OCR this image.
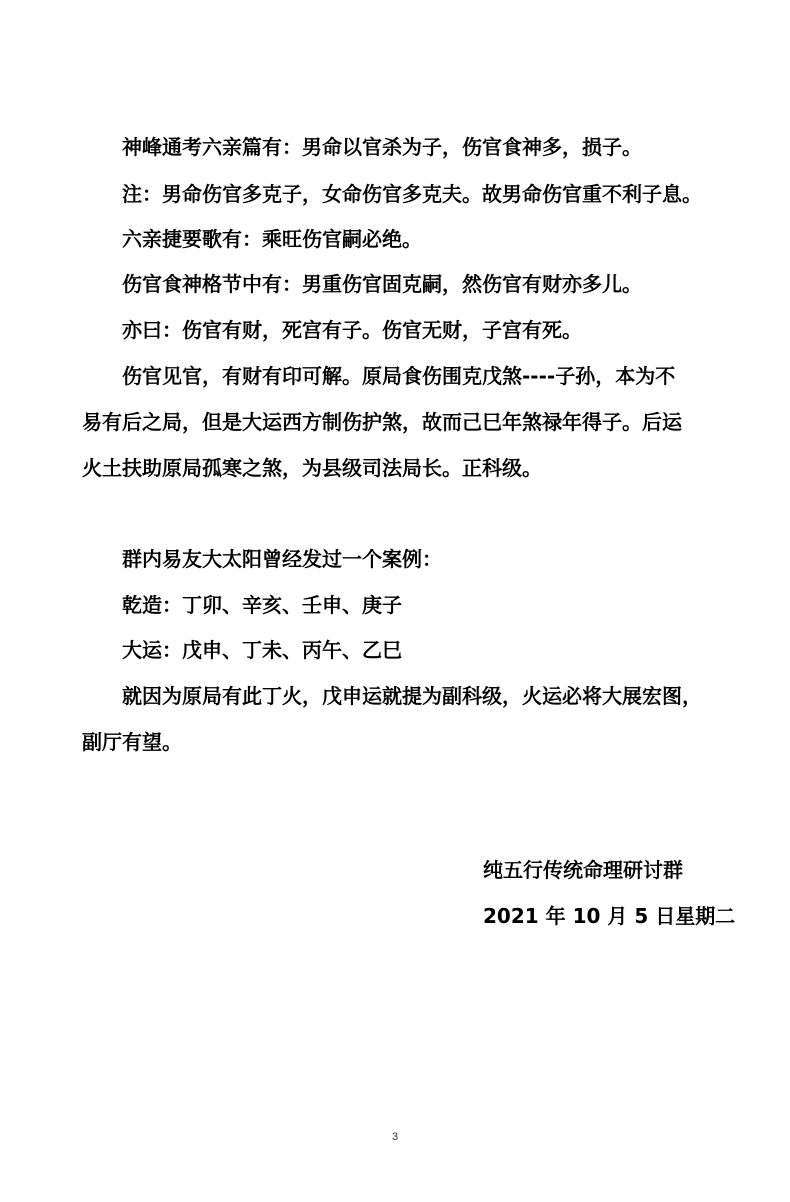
神峰通考六亲篇有：男命以官杀为子，伤官食神多，损子。
注：男命伤官多克子，女命伤官多克夫。故男命伤官重不利子息。
六亲捷要歌有：乘旺伤官嗣必绝。
伤官食神格节中有：男重伤官固克嗣，然伤官有财亦多儿。
亦曰：伤官有财，死宫有子。伤官无财，子宫有死。
伤官见官，有财有印可解。原局食伤围克戊煞----子孙，本为不
易有后之局，但是大运西方制伤护煞，故而己巳年煞禄年得子。后运
火土扶助原局孤寒之煞，为县级司法局长。正科级。
群内易友大太阳曾经发过一个案例：
乾造：丁卯、辛亥、壬申、庚子
大运：戊申、丁未、丙午、乙巳
就因为原局有此丁火，戊申运就提为副科级，火运必将大展宏图，
副厅有望。
纯五行传统命理研讨群
2021 年 10 月 5 日星期二
3
